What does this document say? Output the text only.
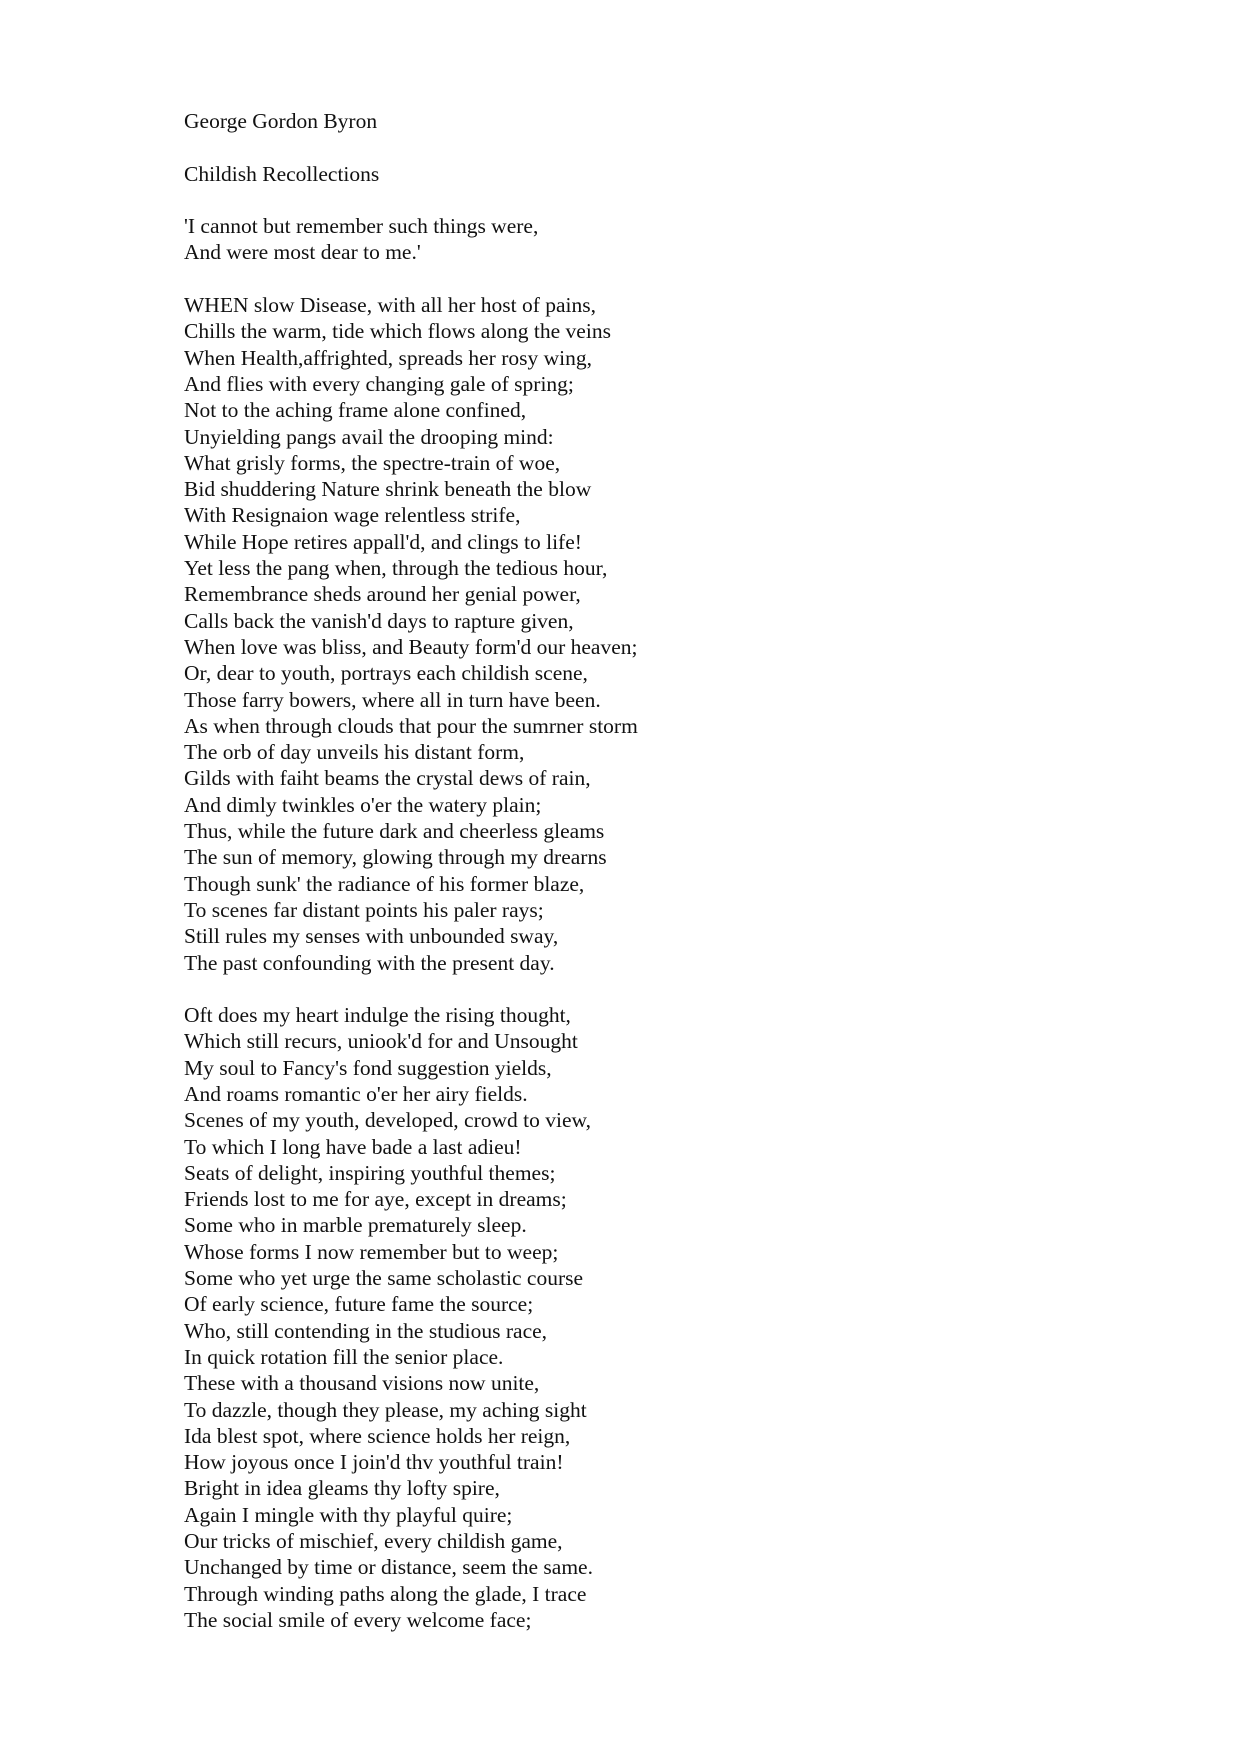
George Gordon Byron
Childish Recollections
'I cannot but remember such things were,
And were most dear to me.'
WHEN slow Disease, with all her host of pains,
Chills the warm, tide which flows along the veins
When Health,affrighted, spreads her rosy wing,
And flies with every changing gale of spring;
Not to the aching frame alone confined,
Unyielding pangs avail the drooping mind:
What grisly forms, the spectre-train of woe,
Bid shuddering Nature shrink beneath the blow
With Resignaion wage relentless strife,
While Hope retires appall'd, and clings to life!
Yet less the pang when, through the tedious hour,
Remembrance sheds around her genial power,
Calls back the vanish'd days to rapture given,
When love was bliss, and Beauty form'd our heaven;
Or, dear to youth, portrays each childish scene,
Those farry bowers, where all in turn have been.
As when through clouds that pour the sumrner storm
The orb of day unveils his distant form,
Gilds with faiht beams the crystal dews of rain,
And dimly twinkles o'er the watery plain;
Thus, while the future dark and cheerless gleams
The sun of memory, glowing through my drearns
Though sunk' the radiance of his former blaze,
To scenes far distant points his paler rays;
Still rules my senses with unbounded sway,
The past confounding with the present day.
Oft does my heart indulge the rising thought,
Which still recurs, uniook'd for and Unsought
My soul to Fancy's fond suggestion yields,
And roams romantic o'er her airy fields.
Scenes of my youth, developed, crowd to view,
To which I long have bade a last adieu!
Seats of delight, inspiring youthful themes;
Friends lost to me for aye, except in dreams;
Some who in marble prematurely sleep.
Whose forms I now remember but to weep;
Some who yet urge the same scholastic course
Of early science, future fame the source;
Who, still contending in the studious race,
In quick rotation fill the senior place.
These with a thousand visions now unite,
To dazzle, though they please, my aching sight
Ida blest spot, where science holds her reign,
How joyous once I join'd thv youthful train!
Bright in idea gleams thy lofty spire,
Again I mingle with thy playful quire;
Our tricks of mischief, every childish game,
Unchanged by time or distance, seem the same.
Through winding paths along the glade, I trace
The social smile of every welcome face;
